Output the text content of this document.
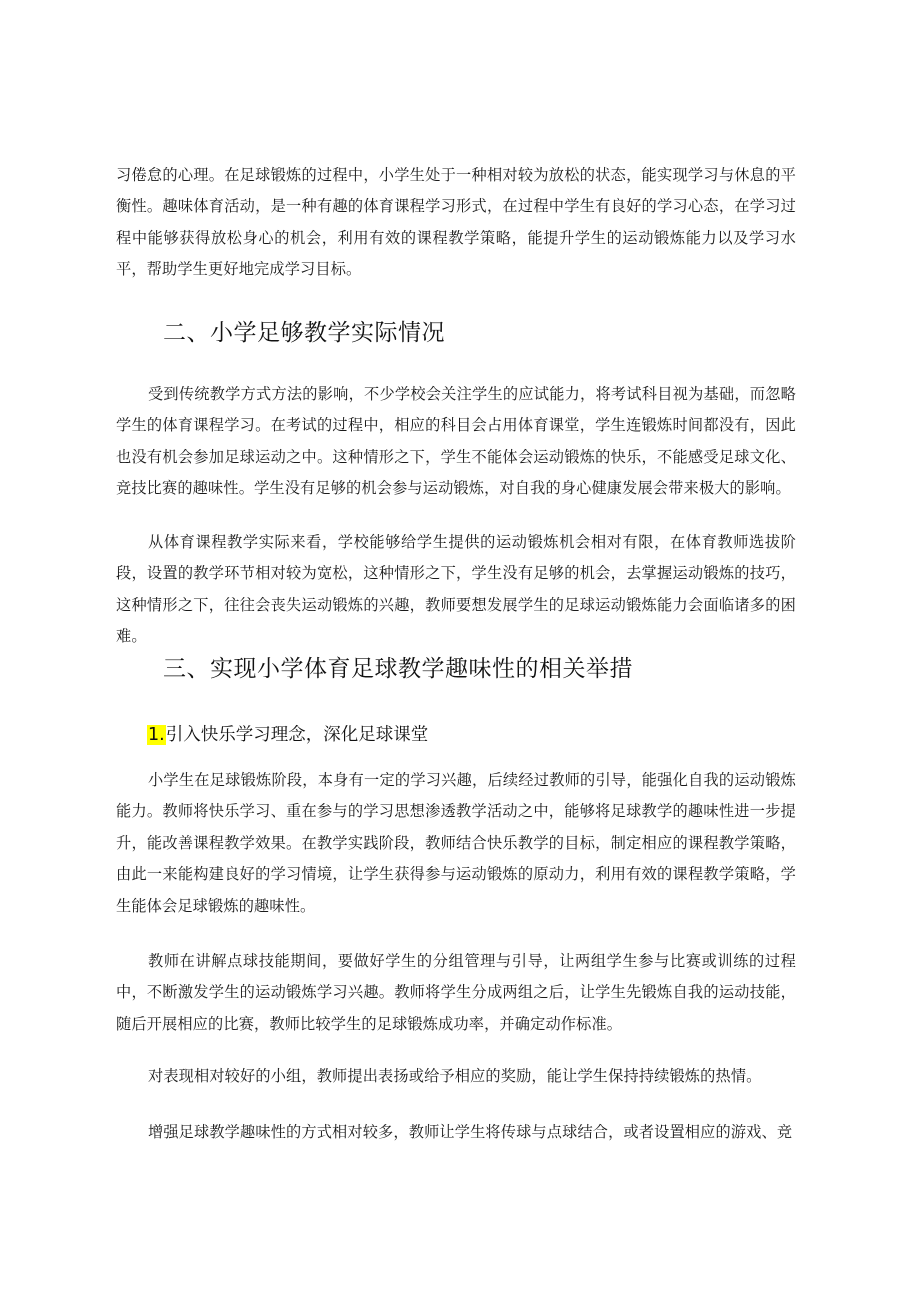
习倦怠的心理。在足球锻炼的过程中，小学生处于一种相对较为放松的状态，能实现学习与休息的平衡性。趣味体育活动，是一种有趣的体育课程学习形式，在过程中学生有良好的学习心态，在学习过程中能够获得放松身心的机会，利用有效的课程教学策略，能提升学生的运动锻炼能力以及学习水平，帮助学生更好地完成学习目标。

二、小学足够教学实际情况

受到传统教学方式方法的影响，不少学校会关注学生的应试能力，将考试科目视为基础，而忽略学生的体育课程学习。在考试的过程中，相应的科目会占用体育课堂，学生连锻炼时间都没有，因此也没有机会参加足球运动之中。这种情形之下，学生不能体会运动锻炼的快乐，不能感受足球文化、竞技比赛的趣味性。学生没有足够的机会参与运动锻炼，对自我的身心健康发展会带来极大的影响。

从体育课程教学实际来看，学校能够给学生提供的运动锻炼机会相对有限，在体育教师选拔阶段，设置的教学环节相对较为宽松，这种情形之下，学生没有足够的机会，去掌握运动锻炼的技巧，这种情形之下，往往会丧失运动锻炼的兴趣，教师要想发展学生的足球运动锻炼能力会面临诸多的困难。

三、实现小学体育足球教学趣味性的相关举措
1.引入快乐学习理念，深化足球课堂

小学生在足球锻炼阶段，本身有一定的学习兴趣，后续经过教师的引导，能强化自我的运动锻炼能力。教师将快乐学习、重在参与的学习思想渗透教学活动之中，能够将足球教学的趣味性进一步提升，能改善课程教学效果。在教学实践阶段，教师结合快乐教学的目标，制定相应的课程教学策略，由此一来能构建良好的学习情境，让学生获得参与运动锻炼的原动力，利用有效的课程教学策略，学生能体会足球锻炼的趣味性。

教师在讲解点球技能期间，要做好学生的分组管理与引导，让两组学生参与比赛或训练的过程中，不断激发学生的运动锻炼学习兴趣。教师将学生分成两组之后，让学生先锻炼自我的运动技能，随后开展相应的比赛，教师比较学生的足球锻炼成功率，并确定动作标准。

对表现相对较好的小组，教师提出表扬或给予相应的奖励，能让学生保持持续锻炼的热情。

增强足球教学趣味性的方式相对较多，教师让学生将传球与点球结合，或者设置相应的游戏、竞
